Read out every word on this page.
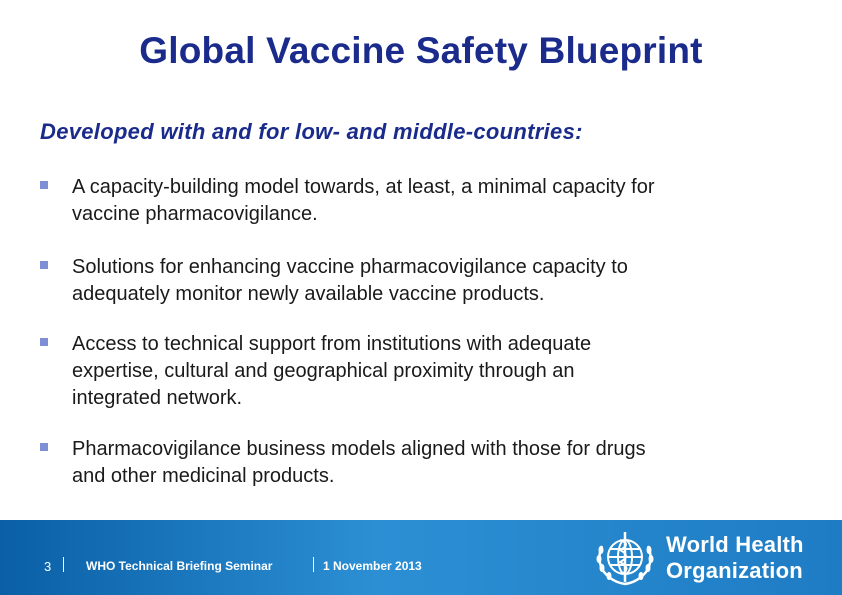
Global Vaccine Safety Blueprint
Developed with and for low- and middle-countries:
A capacity-building model towards, at least, a minimal capacity for
vaccine pharmacovigilance.
Solutions for enhancing vaccine pharmacovigilance capacity to
adequately monitor newly available vaccine products.
Access to technical support from institutions with adequate
expertise, cultural and geographical proximity through an
integrated network.
Pharmacovigilance business models aligned with those for drugs
and other medicinal products.
3	WHO Technical Briefing Seminar	1 November 2013
World Health
Organization
